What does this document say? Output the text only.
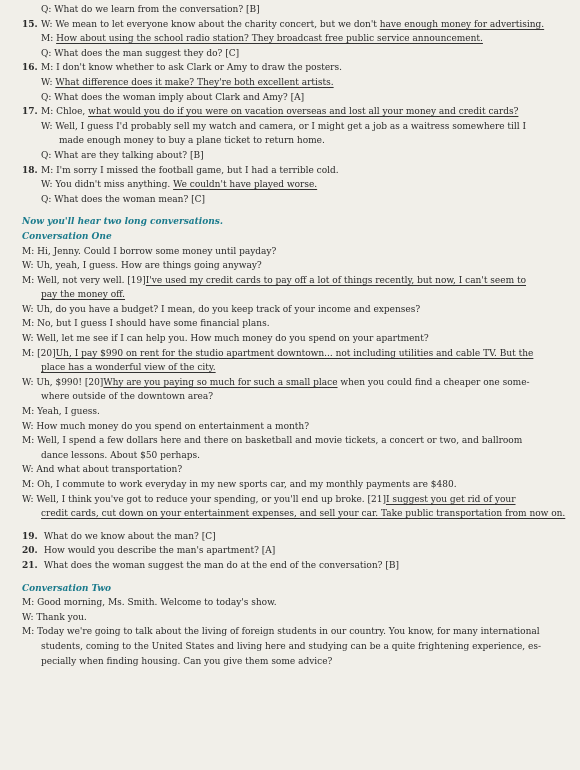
Q: What do we learn from the conversation? [B]
15. W: We mean to let everyone know about the charity concert, but we don't have enough money for advertising.
M: How about using the school radio station? They broadcast free public service announcement.
Q: What does the man suggest they do? [C]
16. M: I don't know whether to ask Clark or Amy to draw the posters.
W: What difference does it make? They're both excellent artists.
Q: What does the woman imply about Clark and Amy? [A]
17. M: Chloe, what would you do if you were on vacation overseas and lost all your money and credit cards?
W: Well, I guess I'd probably sell my watch and camera, or I might get a job as a waitress somewhere till I
made enough money to buy a plane ticket to return home.
Q: What are they talking about? [B]
18. M: I'm sorry I missed the football game, but I had a terrible cold.
W: You didn't miss anything. We couldn't have played worse.
Q: What does the woman mean? [C]
Now you'll hear two long conversations.
Conversation One
M: Hi, Jenny. Could I borrow some money until payday?
W: Uh, yeah, I guess. How are things going anyway?
M: Well, not very well. [19]I've used my credit cards to pay off a lot of things recently, but now, I can't seem to
pay the money off.
W: Uh, do you have a budget? I mean, do you keep track of your income and expenses?
M: No, but I guess I should have some financial plans.
W: Well, let me see if I can help you. How much money do you spend on your apartment?
M: [20]Uh, I pay $990 on rent for the studio apartment downtown... not including utilities and cable TV. But the
place has a wonderful view of the city.
W: Uh, $990! [20]Why are you paying so much for such a small place when you could find a cheaper one some-
where outside of the downtown area?
M: Yeah, I guess.
W: How much money do you spend on entertainment a month?
M: Well, I spend a few dollars here and there on basketball and movie tickets, a concert or two, and ballroom
dance lessons. About $50 perhaps.
W: And what about transportation?
M: Oh, I commute to work everyday in my new sports car, and my monthly payments are $480.
W: Well, I think you've got to reduce your spending, or you'll end up broke. [21]I suggest you get rid of your
credit cards, cut down on your entertainment expenses, and sell your car. Take public transportation from now on.
19. What do we know about the man? [C]
20. How would you describe the man's apartment? [A]
21. What does the woman suggest the man do at the end of the conversation? [B]
Conversation Two
M: Good morning, Ms. Smith. Welcome to today's show.
W: Thank you.
M: Today we're going to talk about the living of foreign students in our country. You know, for many international
students, coming to the United States and living here and studying can be a quite frightening experience, es-
pecially when finding housing. Can you give them some advice?
